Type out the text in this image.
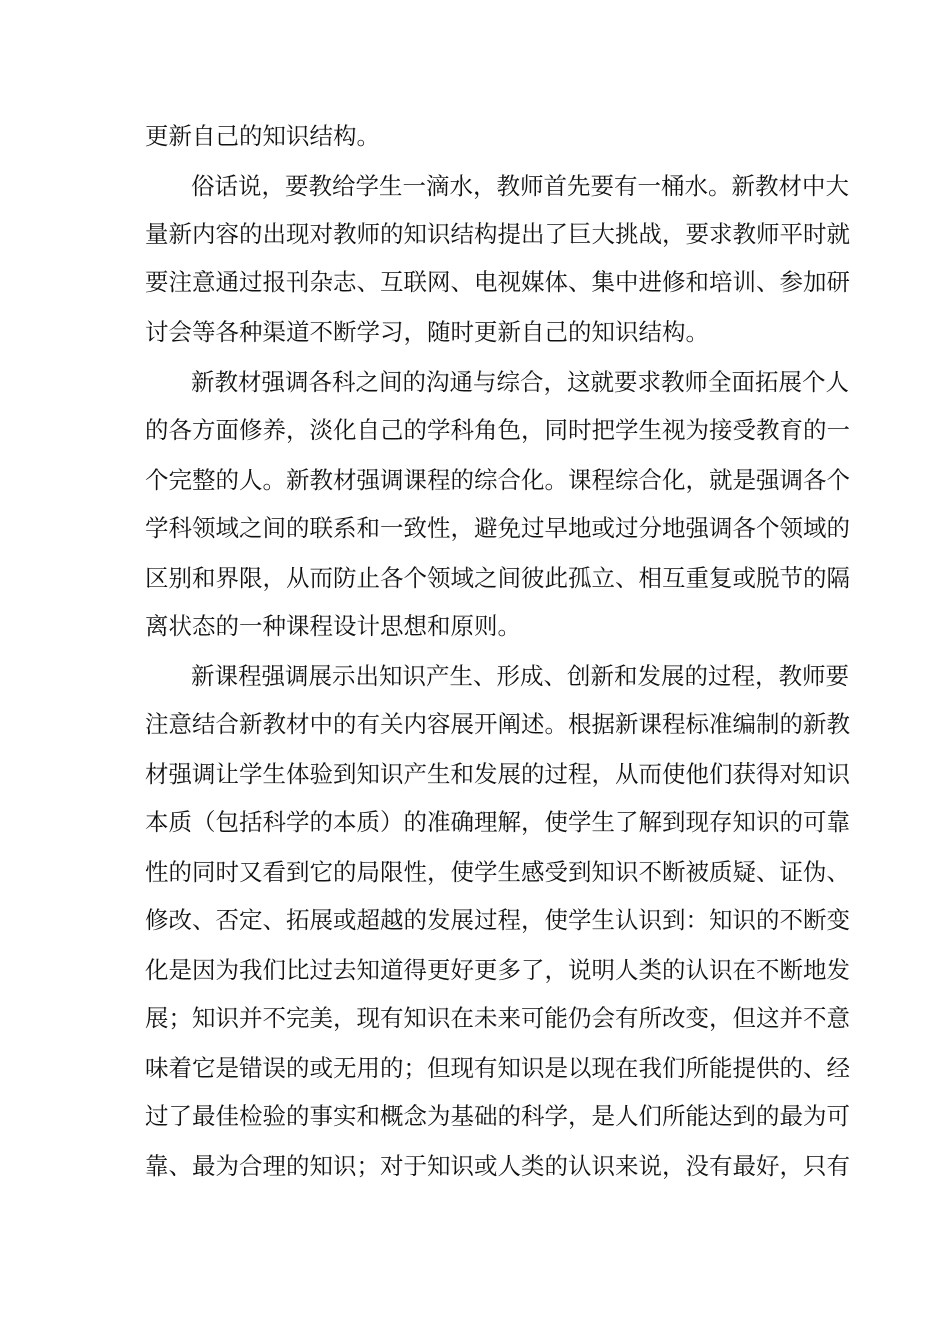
更新自己的知识结构。
俗话说，要教给学生一滴水，教师首先要有一桶水。新教材中大
量新内容的出现对教师的知识结构提出了巨大挑战，要求教师平时就
要注意通过报刊杂志、互联网、电视媒体、集中进修和培训、参加研
讨会等各种渠道不断学习，随时更新自己的知识结构。
新教材强调各科之间的沟通与综合，这就要求教师全面拓展个人
的各方面修养，淡化自己的学科角色，同时把学生视为接受教育的一
个完整的人。新教材强调课程的综合化。课程综合化，就是强调各个
学科领域之间的联系和一致性，避免过早地或过分地强调各个领域的
区别和界限，从而防止各个领域之间彼此孤立、相互重复或脱节的隔
离状态的一种课程设计思想和原则。
新课程强调展示出知识产生、形成、创新和发展的过程，教师要
注意结合新教材中的有关内容展开阐述。根据新课程标准编制的新教
材强调让学生体验到知识产生和发展的过程，从而使他们获得对知识
本质（包括科学的本质）的准确理解，使学生了解到现存知识的可靠
性的同时又看到它的局限性，使学生感受到知识不断被质疑、证伪、
修改、否定、拓展或超越的发展过程，使学生认识到：知识的不断变
化是因为我们比过去知道得更好更多了，说明人类的认识在不断地发
展；知识并不完美，现有知识在未来可能仍会有所改变，但这并不意
味着它是错误的或无用的；但现有知识是以现在我们所能提供的、经
过了最佳检验的事实和概念为基础的科学，是人们所能达到的最为可
靠、最为合理的知识；对于知识或人类的认识来说，没有最好，只有
